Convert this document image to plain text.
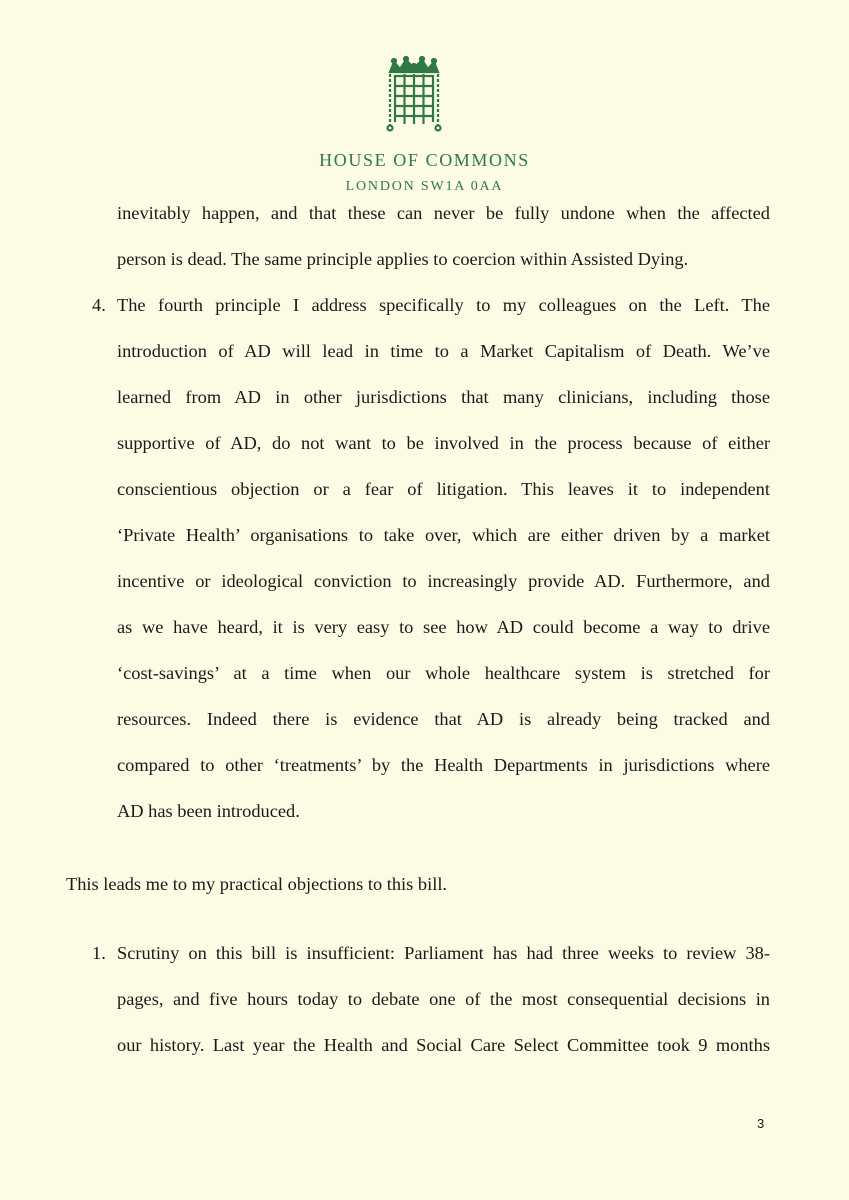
HOUSE OF COMMONS
LONDON SW1A 0AA
inevitably happen, and that these can never be fully undone when the affected
person is dead. The same principle applies to coercion within Assisted Dying.
4. The fourth principle I address specifically to my colleagues on the Left. The
introduction of AD will lead in time to a Market Capitalism of Death. We’ve
learned from AD in other jurisdictions that many clinicians, including those
supportive of AD, do not want to be involved in the process because of either
conscientious objection or a fear of litigation. This leaves it to independent
‘Private Health’ organisations to take over, which are either driven by a market
incentive or ideological conviction to increasingly provide AD. Furthermore, and
as we have heard, it is very easy to see how AD could become a way to drive
‘cost-savings’ at a time when our whole healthcare system is stretched for
resources. Indeed there is evidence that AD is already being tracked and
compared to other ‘treatments’ by the Health Departments in jurisdictions where
AD has been introduced.
This leads me to my practical objections to this bill.
1. Scrutiny on this bill is insufficient: Parliament has had three weeks to review 38-
pages, and five hours today to debate one of the most consequential decisions in
our history. Last year the Health and Social Care Select Committee took 9 months
3
